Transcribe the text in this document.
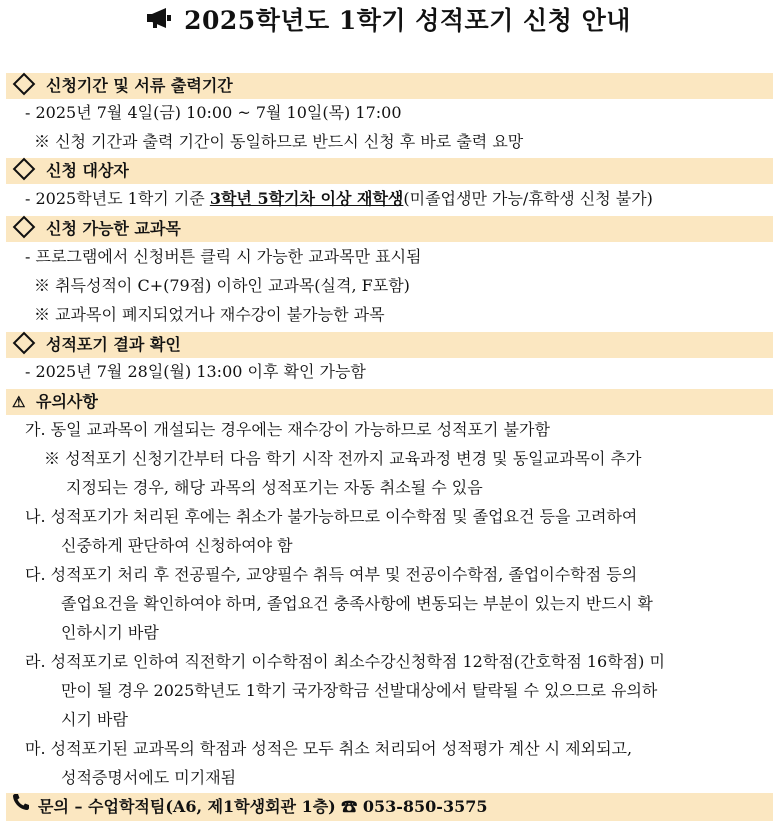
2025학년도 1학기 성적포기 신청 안내
신청기간 및 서류 출력기간
- 2025년 7월 4일(금) 10:00 ~ 7월 10일(목) 17:00
※ 신청 기간과 출력 기간이 동일하므로 반드시 신청 후 바로 출력 요망
신청 대상자
- 2025학년도 1학기 기준 3학년 5학기차 이상 재학생(미졸업생만 가능/휴학생 신청 불가)
신청 가능한 교과목
- 프로그램에서 신청버튼 클릭 시 가능한 교과목만 표시됨
※ 취득성적이 C+(79점) 이하인 교과목(실격, F포함)
※ 교과목이 폐지되었거나 재수강이 불가능한 과목
성적포기 결과 확인
- 2025년 7월 28일(월) 13:00 이후 확인 가능함
⚠ 유의사항
가. 동일 교과목이 개설되는 경우에는 재수강이 가능하므로 성적포기 불가함
※ 성적포기 신청기간부터 다음 학기 시작 전까지 교육과정 변경 및 동일교과목이 추가
지정되는 경우, 해당 과목의 성적포기는 자동 취소될 수 있음
나. 성적포기가 처리된 후에는 취소가 불가능하므로 이수학점 및 졸업요건 등을 고려하여
신중하게 판단하여 신청하여야 함
다. 성적포기 처리 후 전공필수, 교양필수 취득 여부 및 전공이수학점, 졸업이수학점 등의
졸업요건을 확인하여야 하며, 졸업요건 충족사항에 변동되는 부분이 있는지 반드시 확
인하시기 바람
라. 성적포기로 인하여 직전학기 이수학점이 최소수강신청학점 12학점(간호학점 16학점) 미
만이 될 경우 2025학년도 1학기 국가장학금 선발대상에서 탈락될 수 있으므로 유의하
시기 바람
마. 성적포기된 교과목의 학점과 성적은 모두 취소 처리되어 성적평가 계산 시 제외되고,
성적증명서에도 미기재됨
문의 – 수업학적팀(A6, 제1학생회관 1층) ☎ 053-850-3575
